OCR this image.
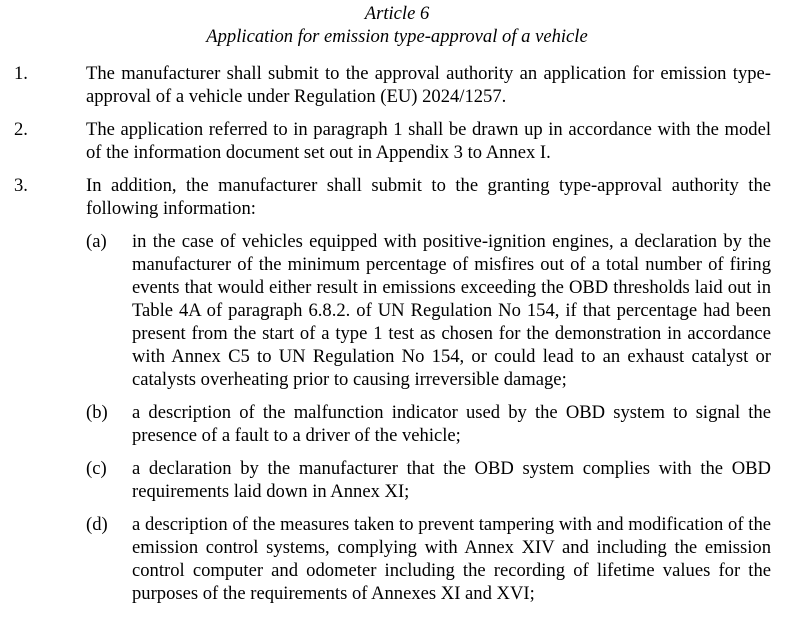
Article 6
Application for emission type-approval of a vehicle
1.	The manufacturer shall submit to the approval authority an application for emission type-approval of a vehicle under Regulation (EU) 2024/1257.
2.	The application referred to in paragraph 1 shall be drawn up in accordance with the model of the information document set out in Appendix 3 to Annex I.
3.	In addition, the manufacturer shall submit to the granting type-approval authority the following information:
(a) in the case of vehicles equipped with positive-ignition engines, a declaration by the manufacturer of the minimum percentage of misfires out of a total number of firing events that would either result in emissions exceeding the OBD thresholds laid out in Table 4A of paragraph 6.8.2. of UN Regulation No 154, if that percentage had been present from the start of a type 1 test as chosen for the demonstration in accordance with Annex C5 to UN Regulation No 154, or could lead to an exhaust catalyst or catalysts overheating prior to causing irreversible damage;
(b) a description of the malfunction indicator used by the OBD system to signal the presence of a fault to a driver of the vehicle;
(c) a declaration by the manufacturer that the OBD system complies with the OBD requirements laid down in Annex XI;
(d) a description of the measures taken to prevent tampering with and modification of the emission control systems, complying with Annex XIV and including the emission control computer and odometer including the recording of lifetime values for the purposes of the requirements of Annexes XI and XVI;
